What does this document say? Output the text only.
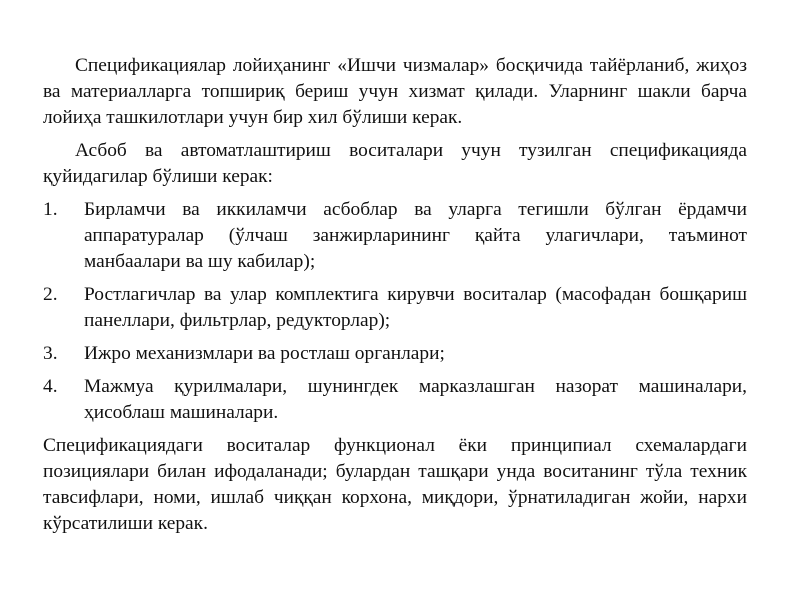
Спецификациялар лойиҳанинг «Ишчи чизмалар» босқичида тайёрланиб, жиҳоз ва материалларга топшириқ бериш учун хизмат қилади. Уларнинг шакли барча лойиҳа ташкилотлари учун бир хил бўлиши керак.

Асбоб ва автоматлаштириш воситалари учун тузилган спецификацияда қуйидагилар бўлиши керак:

1. Бирламчи ва иккиламчи асбоблар ва уларга тегишли бўлган ёрдамчи аппаратуралар (ўлчаш занжирларининг қайта улагичлари, таъминот манбаалари ва шу кабилар);
2. Ростлагичлар ва улар комплектига кирувчи воситалар (масофадан бошқариш панеллари, фильтрлар, редукторлар);
3. Ижро механизмлари ва ростлаш органлари;
4. Мажмуа қурилмалари, шунингдек марказлашган назорат машиналари, ҳисоблаш машиналари.

Спецификациядаги воситалар функционал ёки принципиал схемалардаги позициялари билан ифодаланади; булардан ташқари унда воситанинг тўла техник тавсифлари, номи, ишлаб чиққан корхона, миқдори, ўрнатиладиган жойи, нархи кўрсатилиши керак.
